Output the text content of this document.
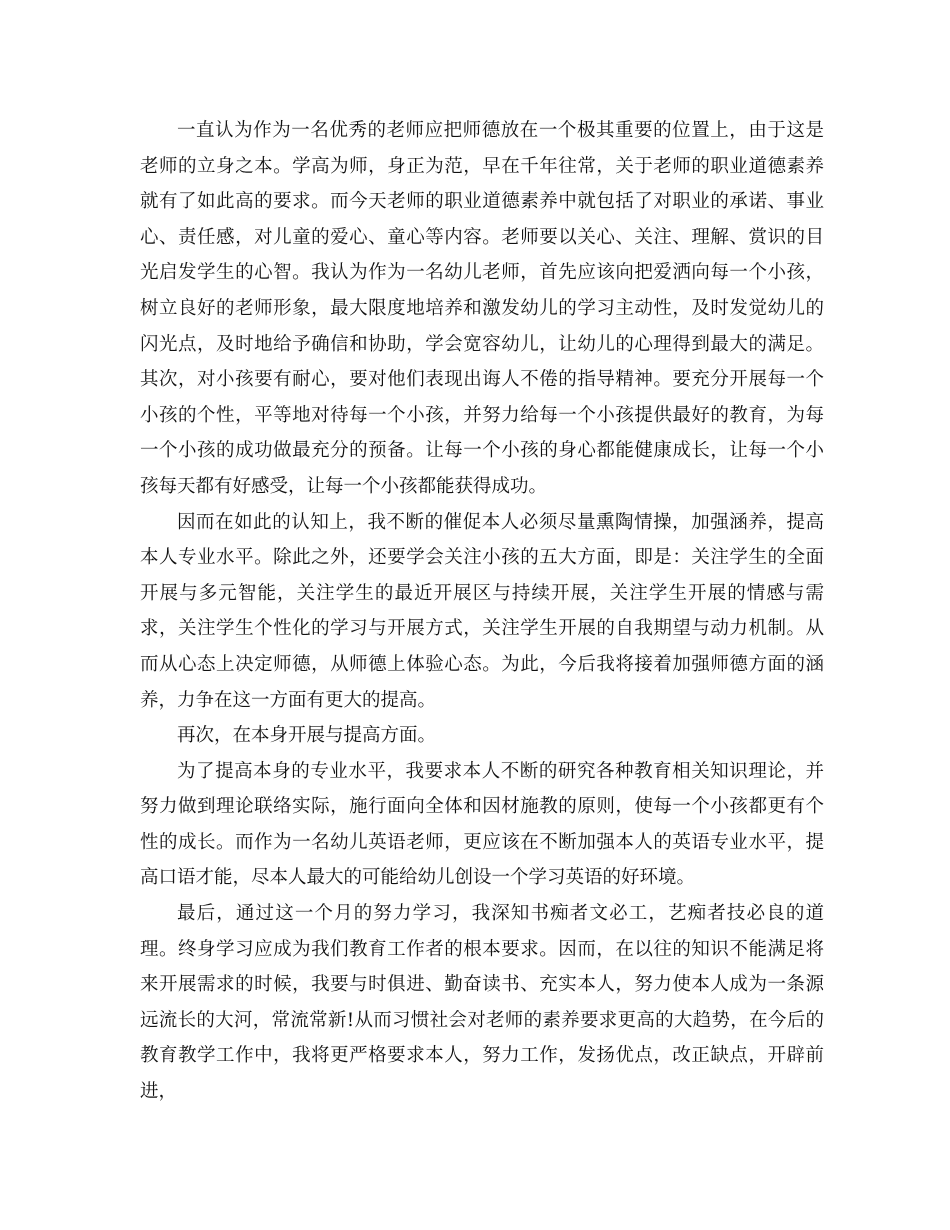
一直认为作为一名优秀的老师应把师德放在一个极其重要的位置上，由于这是老师的立身之本。学高为师，身正为范，早在千年往常，关于老师的职业道德素养就有了如此高的要求。而今天老师的职业道德素养中就包括了对职业的承诺、事业心、责任感，对儿童的爱心、童心等内容。老师要以关心、关注、理解、赏识的目光启发学生的心智。我认为作为一名幼儿老师，首先应该向把爱洒向每一个小孩，树立良好的老师形象，最大限度地培养和激发幼儿的学习主动性，及时发觉幼儿的闪光点，及时地给予确信和协助，学会宽容幼儿，让幼儿的心理得到最大的满足。其次，对小孩要有耐心，要对他们表现出诲人不倦的指导精神。要充分开展每一个小孩的个性，平等地对待每一个小孩，并努力给每一个小孩提供最好的教育，为每一个小孩的成功做最充分的预备。让每一个小孩的身心都能健康成长，让每一个小孩每天都有好感受，让每一个小孩都能获得成功。

因而在如此的认知上，我不断的催促本人必须尽量熏陶情操，加强涵养，提高本人专业水平。除此之外，还要学会关注小孩的五大方面，即是：关注学生的全面开展与多元智能，关注学生的最近开展区与持续开展，关注学生开展的情感与需求，关注学生个性化的学习与开展方式，关注学生开展的自我期望与动力机制。从而从心态上决定师德，从师德上体验心态。为此，今后我将接着加强师德方面的涵养，力争在这一方面有更大的提高。

再次，在本身开展与提高方面。

为了提高本身的专业水平，我要求本人不断的研究各种教育相关知识理论，并努力做到理论联络实际，施行面向全体和因材施教的原则，使每一个小孩都更有个性的成长。而作为一名幼儿英语老师，更应该在不断加强本人的英语专业水平，提高口语才能，尽本人最大的可能给幼儿创设一个学习英语的好环境。

最后，通过这一个月的努力学习，我深知书痴者文必工，艺痴者技必良的道理。终身学习应成为我们教育工作者的根本要求。因而，在以往的知识不能满足将来开展需求的时候，我要与时俱进、勤奋读书、充实本人，努力使本人成为一条源远流长的大河，常流常新!从而习惯社会对老师的素养要求更高的大趋势，在今后的教育教学工作中，我将更严格要求本人，努力工作，发扬优点，改正缺点，开辟前进，
